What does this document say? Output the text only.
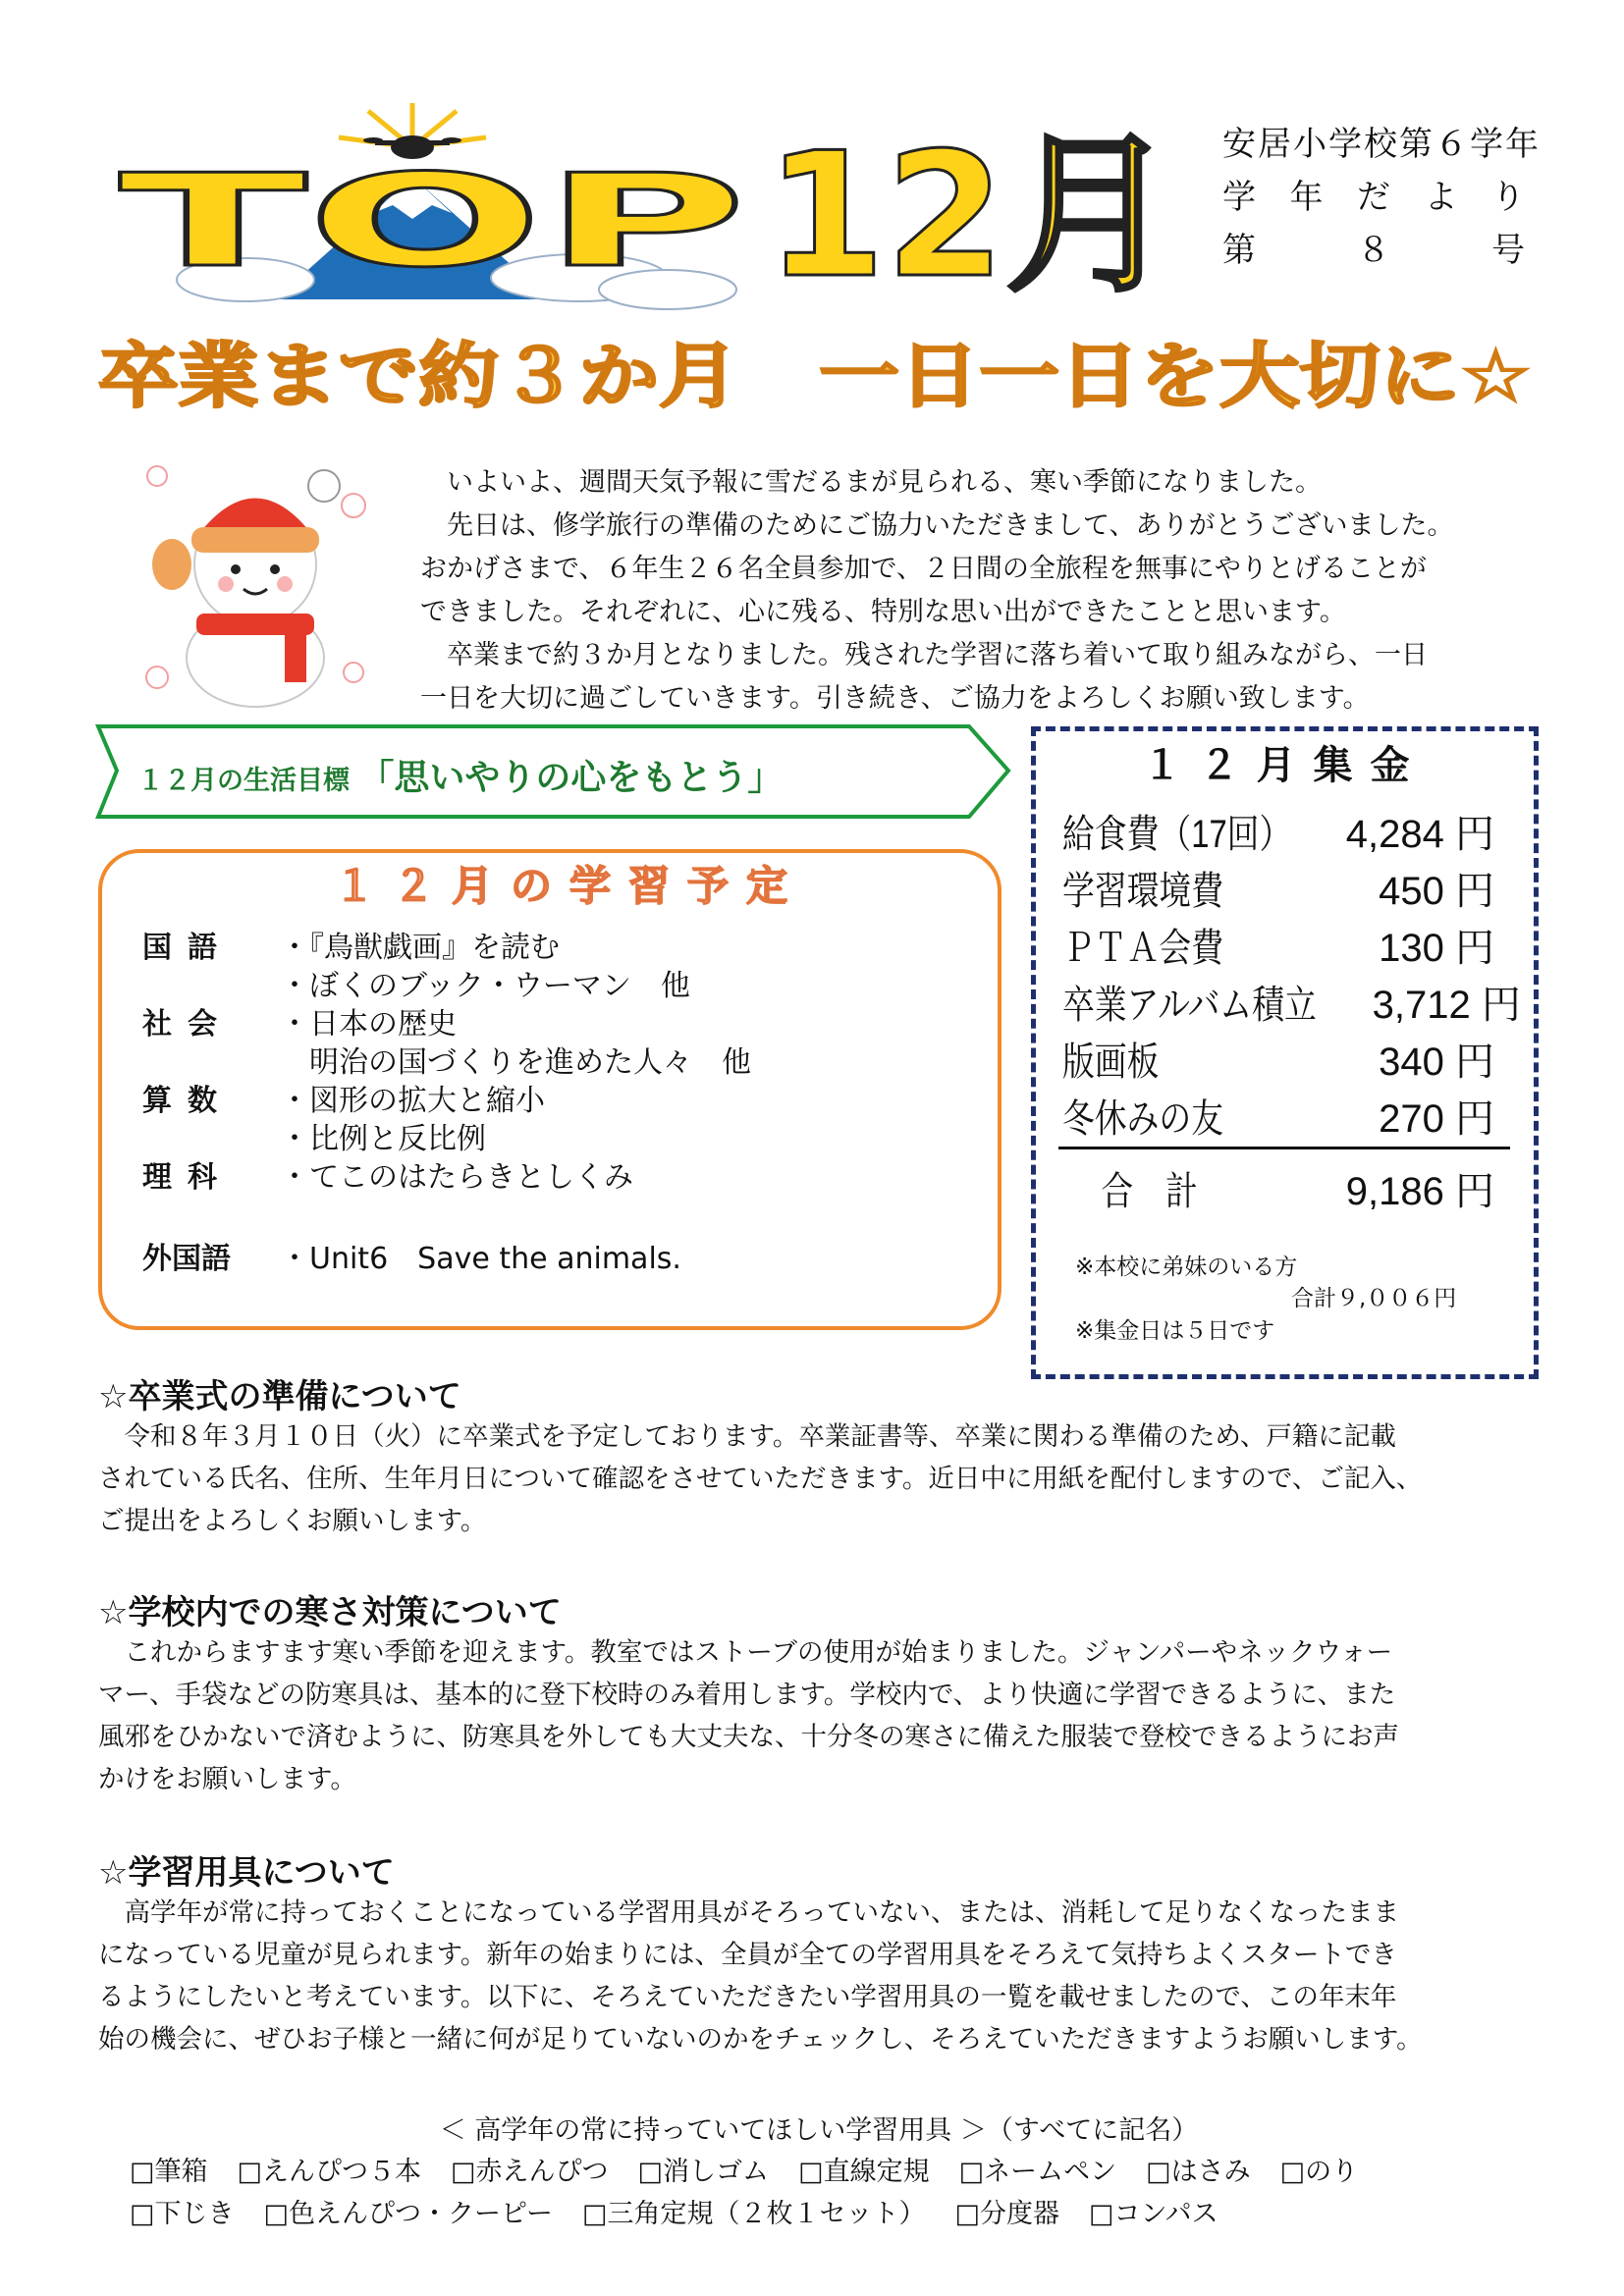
TOP 12月 安 居 小 学 校 第 ６ 学 年
学 年 だ よ り
第	８	号
卒業まで約３か月　一日一日を大切に☆

　いよいよ、週間天気予報に雪だるまが見られる、寒い季節になりました。

　先日は、修学旅行の準備のためにご協力いただきまして、ありがとうございました。

おかげさまで、６年生２６名全員参加で、２日間の全旅程を無事にやりとげることが

できました。それぞれに、心に残る、特別な思い出ができたことと思います。

　卒業まで約３か月となりました。残された学習に落ち着いて取り組みながら、一日

一日を大切に過ごしていきます。引き続き、ご協力をよろしくお願い致します。

１２月の生活目標 「思いやりの心をもとう」
１２月の学習予定
国語	・『鳥獣戯画』を読む
・ぼくのブック・ウーマン　他
社会	・日本の歴史
　明治の国づくりを進めた人々　他
算数	・図形の拡大と縮小
・比例と反比例
理科	・てこのはたらきとしくみ
外国語	・Unit6　Save the animals.
１２月集金
給食費（17回） 4,284 円
学習環境費	450 円
ＰＴＡ会費	130 円
卒業アルバム積立 3,712 円
版画板	340 円
冬休みの友	270 円
合　計	9,186 円
※本校に弟妹のいる方
合計９,００６円
※集金日は５日です
☆卒業式の準備について

　令和８年３月１０日（火）に卒業式を予定しております。卒業証書等、卒業に関わる準備のため、戸籍に記載

されている氏名、住所、生年月日について確認をさせていただきます。近日中に用紙を配付しますので、ご記入、

ご提出をよろしくお願いします。

☆学校内での寒さ対策について

　これからますます寒い季節を迎えます。教室ではストーブの使用が始まりました。ジャンパーやネックウォー

マー、手袋などの防寒具は、基本的に登下校時のみ着用します。学校内で、より快適に学習できるように、また

風邪をひかないで済むように、防寒具を外しても大丈夫な、十分冬の寒さに備えた服装で登校できるようにお声

かけをお願いします。

☆学習用具について

　高学年が常に持っておくことになっている学習用具がそろっていない、または、消耗して足りなくなったまま

になっている児童が見られます。新年の始まりには、全員が全ての学習用具をそろえて気持ちよくスタートでき

るようにしたいと考えています。以下に、そろえていただきたい学習用具の一覧を載せましたので、この年末年

始の機会に、ぜひお子様と一緒に何が足りていないのかをチェックし、そろえていただきますようお願いします。

＜ 高学年の常に持っていてほしい学習用具 ＞（すべてに記名）
□筆箱 □えんぴつ５本 □赤えんぴつ □消しゴム □直線定規 □ネームペン □はさみ □のり
□下じき □色えんぴつ・クーピー □三角定規（２枚１セット） □分度器 □コンパス
